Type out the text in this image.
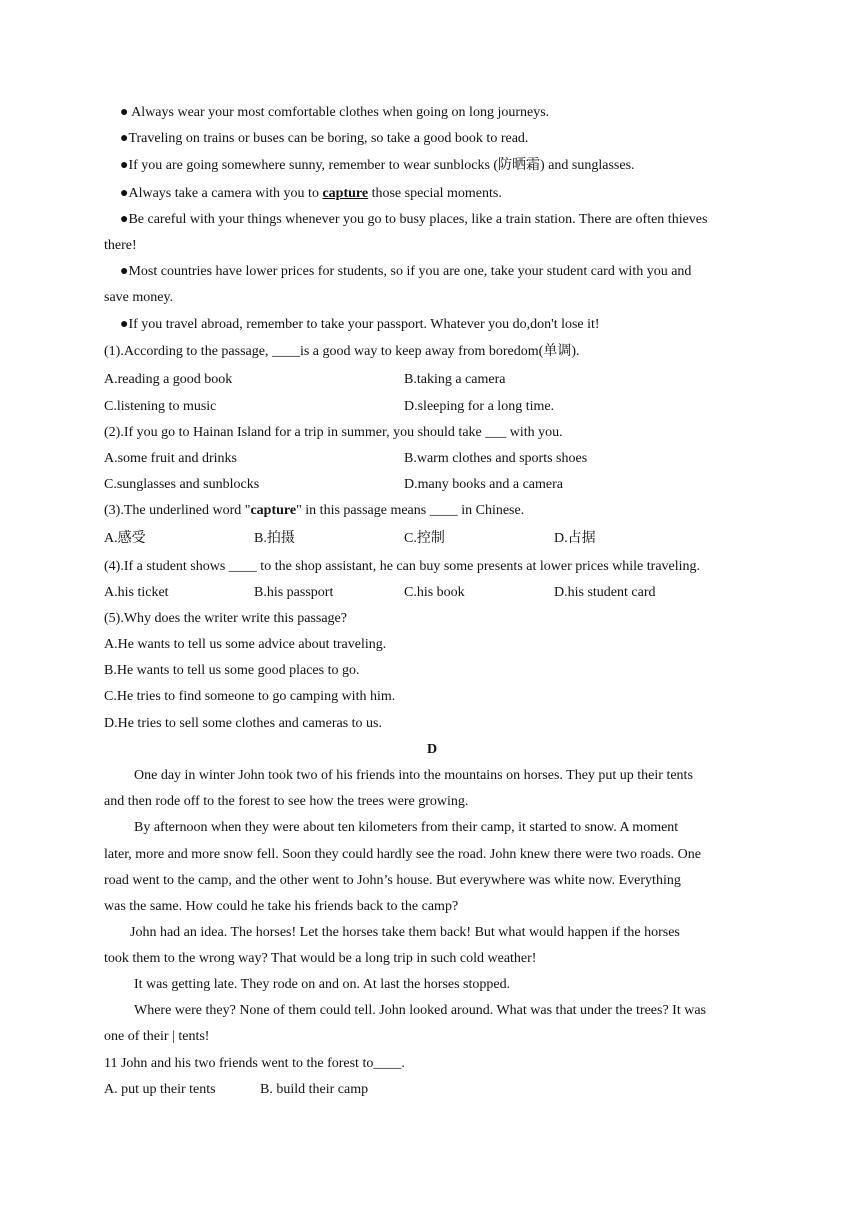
● Always wear your most comfortable clothes when going on long journeys.
●Traveling on trains or buses can be boring, so take a good book to read.
●If you are going somewhere sunny, remember to wear sunblocks (防晒霜) and sunglasses.
●Always take a camera with you to capture those special moments.
●Be careful with your things whenever you go to busy places, like a train station. There are often thieves
there!
●Most countries have lower prices for students, so if you are one, take your student card with you and
save money.
●If you travel abroad, remember to take your passport. Whatever you do,don't lose it!
(1).According to the passage, ____is a good way to keep away from boredom(单调).
A.reading a good book	B.taking a camera
C.listening to music	D.sleeping for a long time.
(2).If you go to Hainan Island for a trip in summer, you should take ___ with you.
A.some fruit and drinks	B.warm clothes and sports shoes
C.sunglasses and sunblocks	D.many books and a camera
(3).The underlined word "capture" in this passage means ____ in Chinese.
A.感受	B.拍摄	C.控制	D.占据
(4).If a student shows ____ to the shop assistant, he can buy some presents at lower prices while traveling.
A.his ticket	B.his passport	C.his book	D.his student card
(5).Why does the writer write this passage?
A.He wants to tell us some advice about traveling.
B.He wants to tell us some good places to go.
C.He tries to find someone to go camping with him.
D.He tries to sell some clothes and cameras to us.
D
One day in winter John took two of his friends into the mountains on horses. They put up their tents
and then rode off to the forest to see how the trees were growing.
By afternoon when they were about ten kilometers from their camp, it started to snow. A moment
later, more and more snow fell. Soon they could hardly see the road. John knew there were two roads. One
road went to the camp, and the other went to John’s house. But everywhere was white now. Everything
was the same. How could he take his friends back to the camp?
John had an idea. The horses! Let the horses take them back! But what would happen if the horses
took them to the wrong way? That would be a long trip in such cold weather!
It was getting late. They rode on and on. At last the horses stopped.
Where were they? None of them could tell. John looked around. What was that under the trees? It was
one of their | tents!
11 John and his two friends went to the forest to____.
A. put up their tents	B. build their camp
